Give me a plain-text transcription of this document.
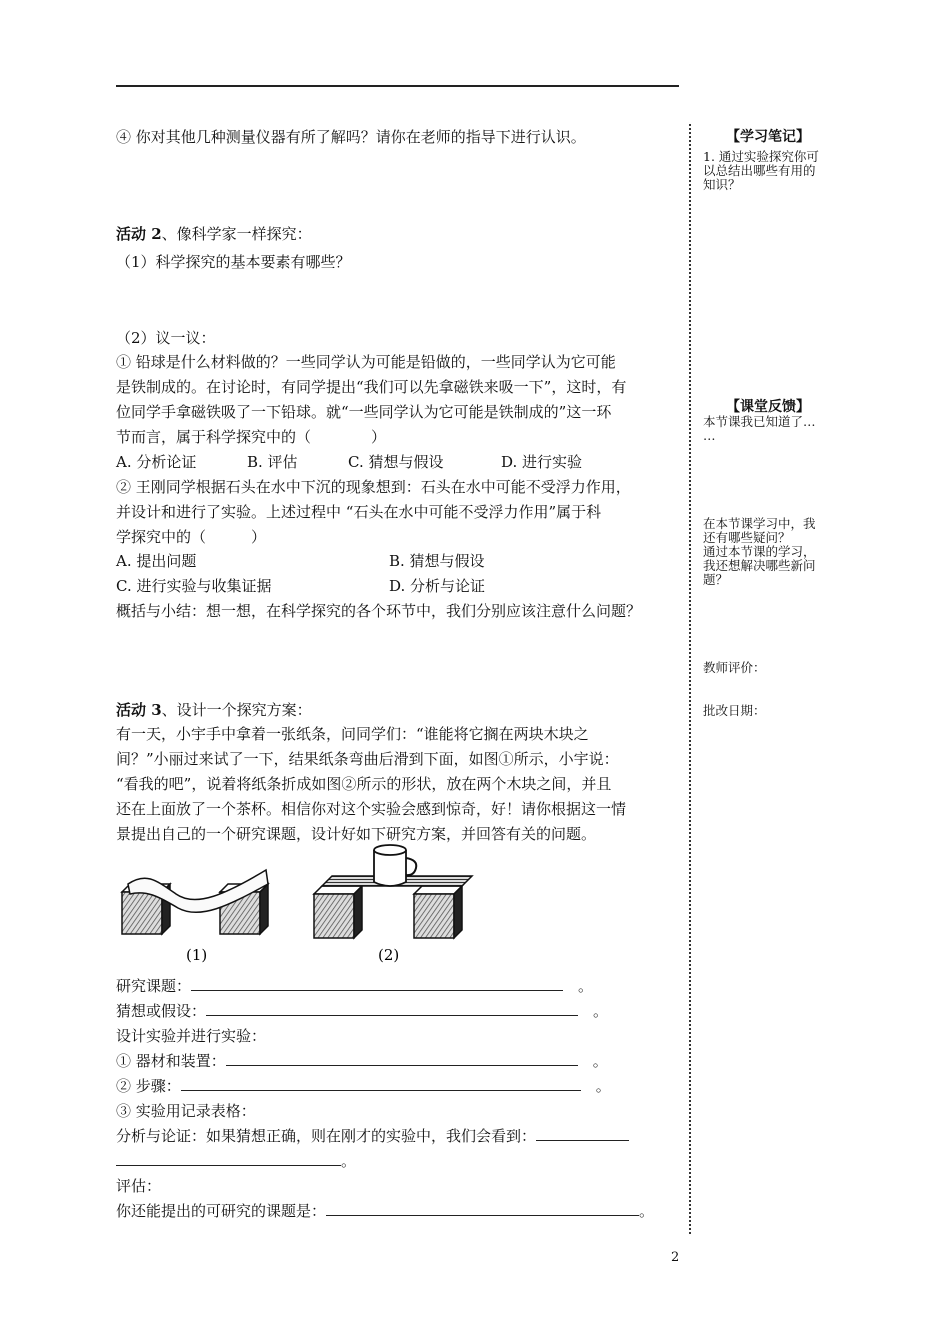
④ 你对其他几种测量仪器有所了解吗？请你在老师的指导下进行认识。
活动 2、像科学家一样探究：
（1）科学探究的基本要素有哪些？
（2）议一议：
① 铅球是什么材料做的？一些同学认为可能是铅做的，一些同学认为它可能
是铁制成的。在讨论时，有同学提出“我们可以先拿磁铁来吸一下”，这时，有
位同学手拿磁铁吸了一下铅球。就“一些同学认为它可能是铁制成的”这一环
节而言，属于科学探究中的（　　　　）
A. 分析论证	B. 评估	C. 猜想与假设	D. 进行实验
② 王刚同学根据石头在水中下沉的现象想到：石头在水中可能不受浮力作用，
并设计和进行了实验。上述过程中 “石头在水中可能不受浮力作用”属于科
学探究中的（　　　）
A. 提出问题	B. 猜想与假设
C. 进行实验与收集证据	D. 分析与论证
概括与小结：想一想，在科学探究的各个环节中，我们分别应该注意什么问题？
活动 3、设计一个探究方案：
有一天，小宇手中拿着一张纸条，问同学们：“谁能将它搁在两块木块之
间？”小丽过来试了一下，结果纸条弯曲后滑到下面，如图①所示，小宇说：
“看我的吧”，说着将纸条折成如图②所示的形状，放在两个木块之间，并且
还在上面放了一个茶杯。相信你对这个实验会感到惊奇，好！请你根据这一情
景提出自己的一个研究课题，设计好如下研究方案，并回答有关的问题。
研究课题：　	。
猜想或假设：　	。
设计实验并进行实验：
① 器材和装置：　	。
② 步骤：　	。
③ 实验用记录表格：
分析与论证：如果猜想正确，则在刚才的实验中，我们会看到：
。
评估：
你还能提出的可研究的课题是：	。
(1)	(2)
【学习笔记】
1. 通过实验探究你可
以总结出哪些有用的
知识？
【课堂反馈】
本节课我已知道了…
…
在本节课学习中，我
还有哪些疑问？
通过本节课的学习，
我还想解决哪些新问
题？
教师评价：
批改日期：
2
